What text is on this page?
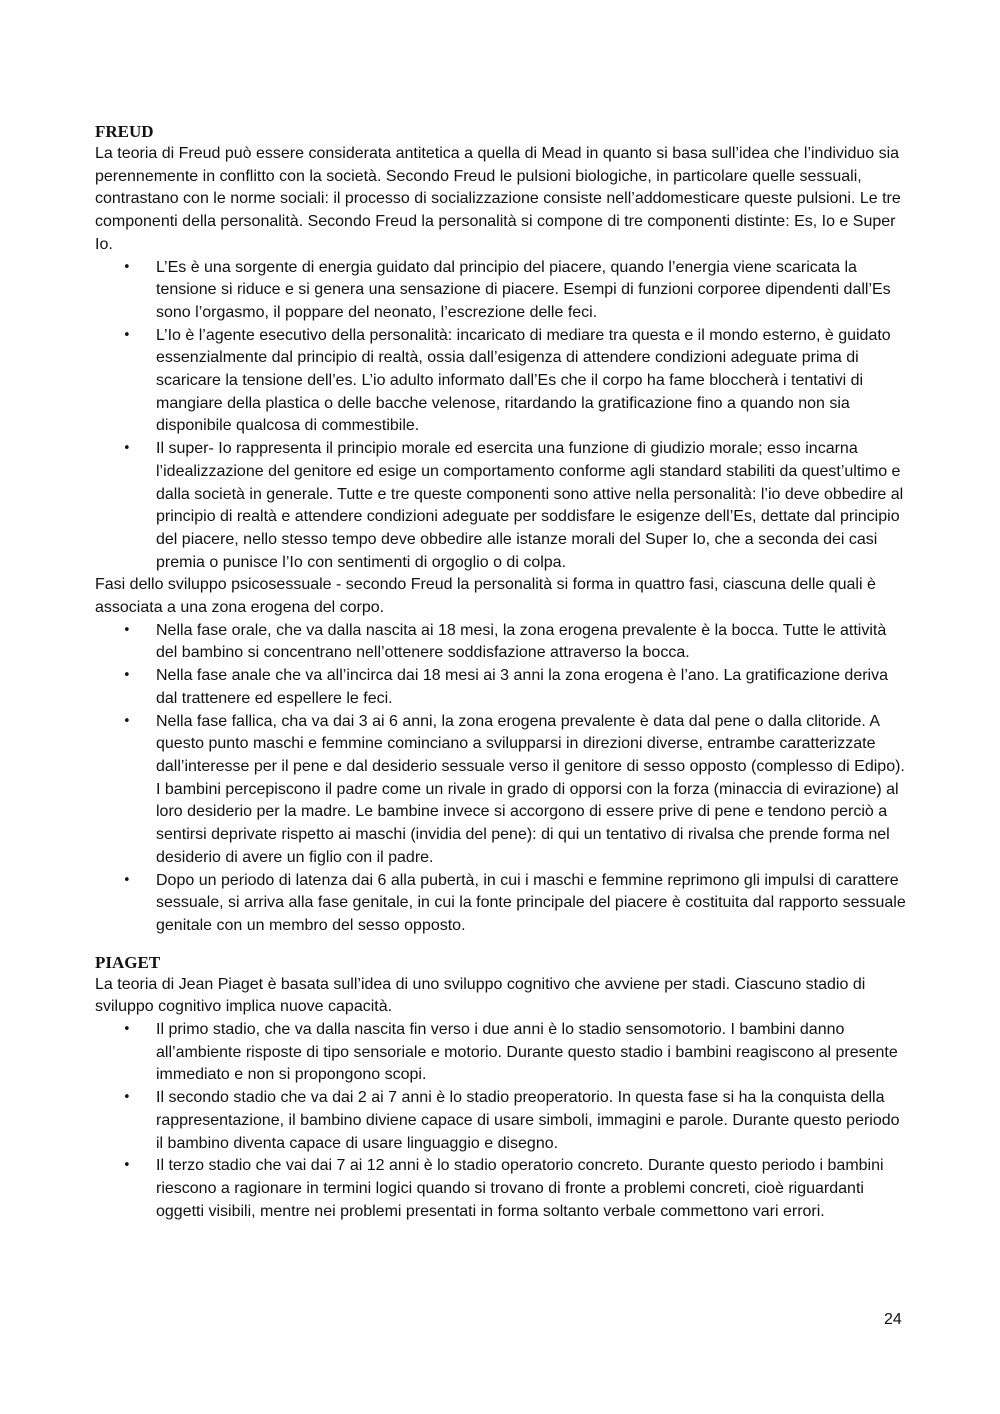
FREUD

La teoria di Freud può essere considerata antitetica a quella di Mead in quanto si basa sull’idea che l’individuo sia perennemente in conflitto con la società. Secondo Freud le pulsioni biologiche, in particolare quelle sessuali, contrastano con le norme sociali: il processo di socializzazione consiste nell’addomesticare queste pulsioni. Le tre componenti della personalità. Secondo Freud la personalità si compone di tre componenti distinte: Es, Io e Super Io.

• L’Es è una sorgente di energia guidato dal principio del piacere, quando l’energia viene scaricata la tensione si riduce e si genera una sensazione di piacere. Esempi di funzioni corporee dipendenti dall’Es sono l’orgasmo, il poppare del neonato, l’escrezione delle feci.
• L’Io è l’agente esecutivo della personalità: incaricato di mediare tra questa e il mondo esterno, è guidato essenzialmente dal principio di realtà, ossia dall’esigenza di attendere condizioni adeguate prima di scaricare la tensione dell’es. L’io adulto informato dall’Es che il corpo ha fame bloccherà i tentativi di mangiare della plastica o delle bacche velenose, ritardando la gratificazione fino a quando non sia disponibile qualcosa di commestibile.
• Il super- Io rappresenta il principio morale ed esercita una funzione di giudizio morale; esso incarna l’idealizzazione del genitore ed esige un comportamento conforme agli standard stabiliti da quest’ultimo e dalla società in generale. Tutte e tre queste componenti sono attive nella personalità: l’io deve obbedire al principio di realtà e attendere condizioni adeguate per soddisfare le esigenze dell’Es, dettate dal principio del piacere, nello stesso tempo deve obbedire alle istanze morali del Super Io, che a seconda dei casi premia o punisce l’Io con sentimenti di orgoglio o di colpa.

Fasi dello sviluppo psicosessuale - secondo Freud la personalità si forma in quattro fasi, ciascuna delle quali è associata a una zona erogena del corpo.

• Nella fase orale, che va dalla nascita ai 18 mesi, la zona erogena prevalente è la bocca. Tutte le attività del bambino si concentrano nell’ottenere soddisfazione attraverso la bocca.
• Nella fase anale che va all’incirca dai 18 mesi ai 3 anni la zona erogena è l’ano. La gratificazione deriva dal trattenere ed espellere le feci.
• Nella fase fallica, cha va dai 3 ai 6 anni, la zona erogena prevalente è data dal pene o dalla clitoride. A questo punto maschi e femmine cominciano a svilupparsi in direzioni diverse, entrambe caratterizzate dall’interesse per il pene e dal desiderio sessuale verso il genitore di sesso opposto (complesso di Edipo). I bambini percepiscono il padre come un rivale in grado di opporsi con la forza (minaccia di evirazione) al loro desiderio per la madre. Le bambine invece si accorgono di essere prive di pene e tendono perciò a sentirsi deprivate rispetto ai maschi (invidia del pene): di qui un tentativo di rivalsa che prende forma nel desiderio di avere un figlio con il padre.
• Dopo un periodo di latenza dai 6 alla pubertà, in cui i maschi e femmine reprimono gli impulsi di carattere sessuale, si arriva alla fase genitale, in cui la fonte principale del piacere è costituita dal rapporto sessuale genitale con un membro del sesso opposto.
PIAGET

La teoria di Jean Piaget è basata sull’idea di uno sviluppo cognitivo che avviene per stadi. Ciascuno stadio di sviluppo cognitivo implica nuove capacità.

• Il primo stadio, che va dalla nascita fin verso i due anni è lo stadio sensomotorio. I bambini danno all’ambiente risposte di tipo sensoriale e motorio. Durante questo stadio i bambini reagiscono al presente immediato e non si propongono scopi.
• Il secondo stadio che va dai 2 ai 7 anni è lo stadio preoperatorio. In questa fase si ha la conquista della rappresentazione, il bambino diviene capace di usare simboli, immagini e parole. Durante questo periodo il bambino diventa capace di usare linguaggio e disegno.
• Il terzo stadio che vai dai 7 ai 12 anni è lo stadio operatorio concreto. Durante questo periodo i bambini riescono a ragionare in termini logici quando si trovano di fronte a problemi concreti, cioè riguardanti oggetti visibili, mentre nei problemi presentati in forma soltanto verbale commettono vari errori.
24
